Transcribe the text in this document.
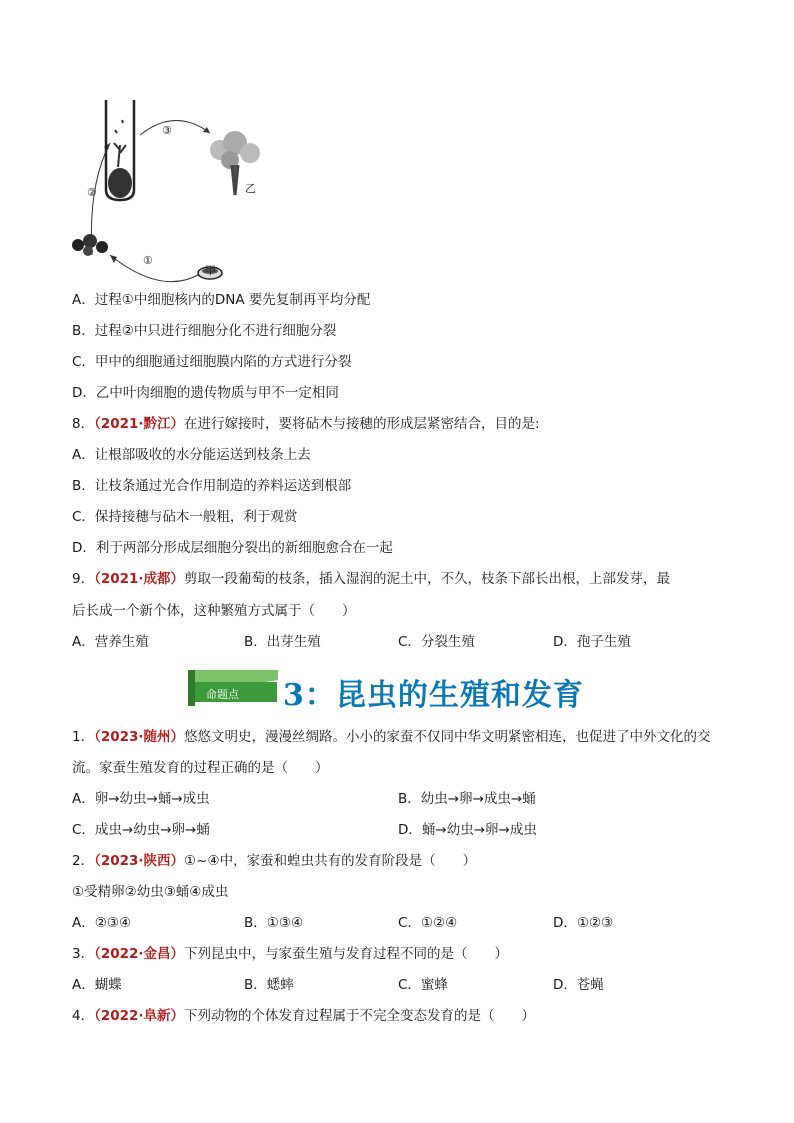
③
②
①
甲
乙
A．过程①中细胞核内的DNA 要先复制再平均分配
B．过程②中只进行细胞分化不进行细胞分裂
C．甲中的细胞通过细胞膜内陷的方式进行分裂
D．乙中叶肉细胞的遗传物质与甲不一定相同
8．（2021·黔江）在进行嫁接时，要将砧木与接穗的形成层紧密结合，目的是:
A．让根部吸收的水分能运送到枝条上去
B．让枝条通过光合作用制造的养料运送到根部
C．保持接穗与砧木一般粗，利于观赏
D．利于两部分形成层细胞分裂出的新细胞愈合在一起
9．（2021·成都）剪取一段葡萄的枝条，插入湿润的泥土中，不久，枝条下部长出根，上部发芽，最
后长成一个新个体，这种繁殖方式属于（　　）
A．营养生殖	B．出芽生殖	C．分裂生殖	D．孢子生殖
命题点 3：昆虫的生殖和发育
1．（2023·随州）悠悠文明史，漫漫丝绸路。小小的家蚕不仅同中华文明紧密相连，也促进了中外文化的交
流。家蚕生殖发育的过程正确的是（　　）
A．卵→幼虫→蛹→成虫	B．幼虫→卵→成虫→蛹
C．成虫→幼虫→卵→蛹	D．蛹→幼虫→卵→成虫
2．（2023·陕西）①~④中，家蚕和蝗虫共有的发育阶段是（　　）
①受精卵②幼虫③蛹④成虫
A．②③④	B．①③④	C．①②④	D．①②③
3．（2022·金昌）下列昆虫中，与家蚕生殖与发育过程不同的是（　　）
A．蝴蝶	B．蟋蟀	C．蜜蜂	D．苍蝇
4．（2022·阜新）下列动物的个体发育过程属于不完全变态发育的是（　　）
